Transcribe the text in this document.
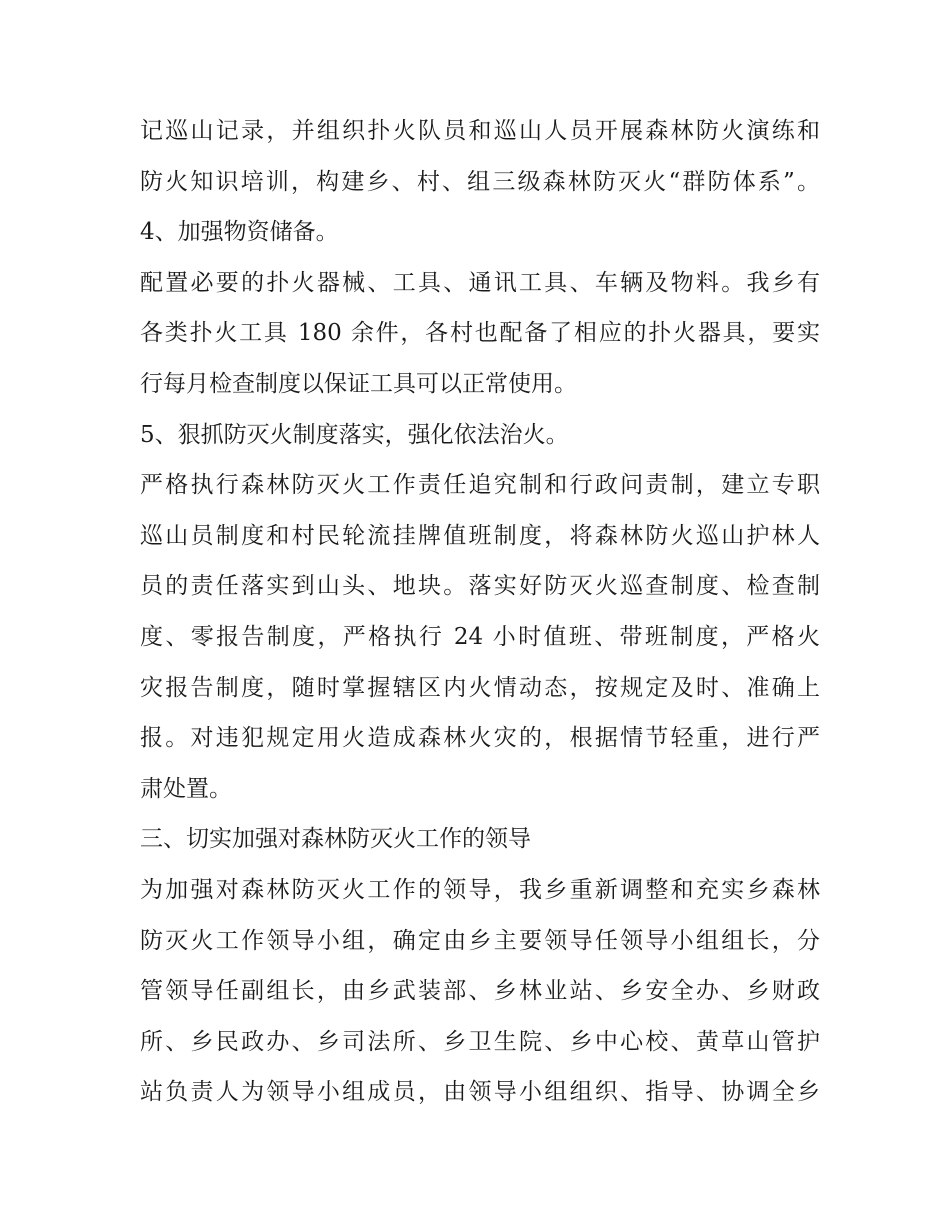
记巡山记录，并组织扑火队员和巡山人员开展森林防火演练和
防火知识培训，构建乡、村、组三级森林防灭火“群防体系”。
4、加强物资储备。
配置必要的扑火器械、工具、通讯工具、车辆及物料。我乡有
各类扑火工具 180 余件，各村也配备了相应的扑火器具，要实
行每月检查制度以保证工具可以正常使用。
5、狠抓防灭火制度落实，强化依法治火。
严格执行森林防灭火工作责任追究制和行政问责制，建立专职
巡山员制度和村民轮流挂牌值班制度，将森林防火巡山护林人
员的责任落实到山头、地块。落实好防灭火巡查制度、检查制
度、零报告制度，严格执行 24 小时值班、带班制度，严格火
灾报告制度，随时掌握辖区内火情动态，按规定及时、准确上
报。对违犯规定用火造成森林火灾的，根据情节轻重，进行严
肃处置。
三、切实加强对森林防灭火工作的领导
为加强对森林防灭火工作的领导，我乡重新调整和充实乡森林
防灭火工作领导小组，确定由乡主要领导任领导小组组长，分
管领导任副组长，由乡武装部、乡林业站、乡安全办、乡财政
所、乡民政办、乡司法所、乡卫生院、乡中心校、黄草山管护
站负责人为领导小组成员，由领导小组组织、指导、协调全乡
